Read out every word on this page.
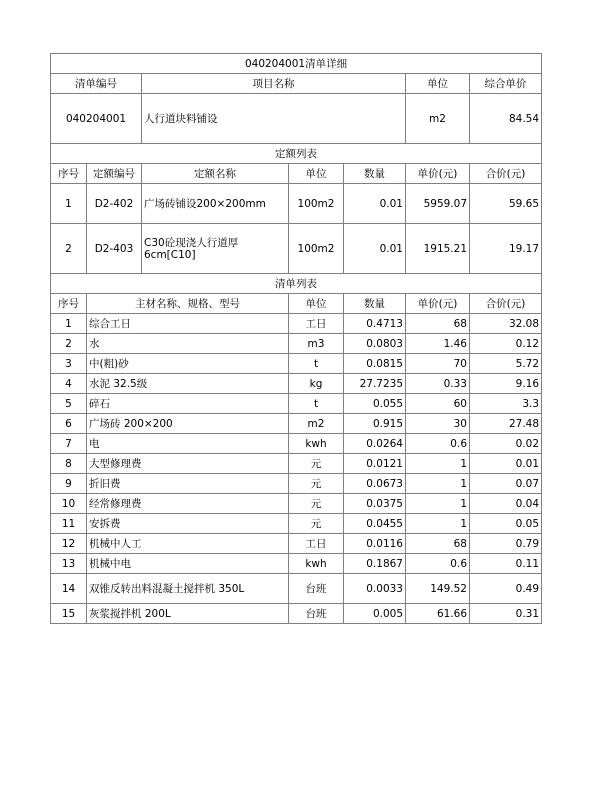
040204001清单详细						
清单编号		项目名称			单位	综合单价
040204001		人行道块料铺设			m2	84.54
定额列表						
序号	定额编号	定额名称	单位	数量	单价(元)	合价(元)
1	D2-402	广场砖铺设200×200mm	100m2	0.01	5959.07	59.65
2	D2-403	C30砼现浇人行道厚6cm[C10]	100m2	0.01	1915.21	19.17
清单列表						
序号	主材名称、规格、型号		单位	数量	单价(元)	合价(元)
1	综合工日		工日	0.4713	68	32.08
2	水		m3	0.0803	1.46	0.12
3	中(粗)砂		t	0.0815	70	5.72
4	水泥 32.5级		kg	27.7235	0.33	9.16
5	碎石		t	0.055	60	3.3
6	广场砖 200×200		m2	0.915	30	27.48
7	电		kwh	0.0264	0.6	0.02
8	大型修理费		元	0.0121	1	0.01
9	折旧费		元	0.0673	1	0.07
10	经常修理费		元	0.0375	1	0.04
11	安拆费		元	0.0455	1	0.05
12	机械中人工		工日	0.0116	68	0.79
13	机械中电		kwh	0.1867	0.6	0.11
14	双锥反转出料混凝土搅拌机 350L		台班	0.0033	149.52	0.49
15	灰浆搅拌机 200L		台班	0.005	61.66	0.31
